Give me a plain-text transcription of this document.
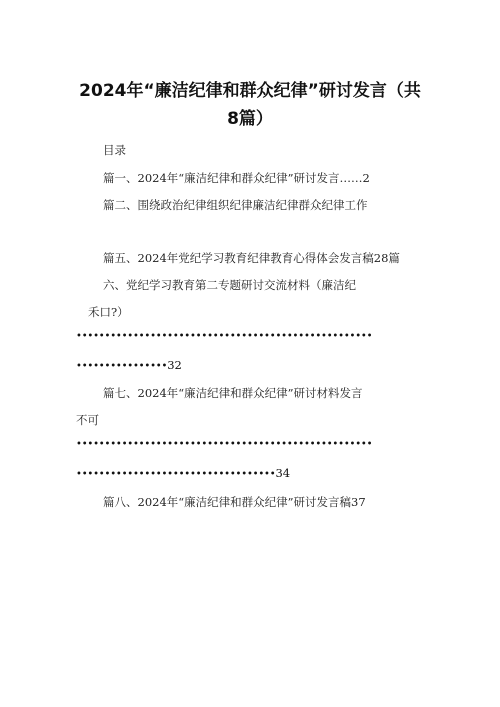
2024年“廉洁纪律和群众纪律”研讨发言（共
8篇）
目录
篇一、2024年“廉洁纪律和群众纪律”研讨发言……2
篇二、围绕政治纪律组织纪律廉洁纪律群众纪律工作
篇五、2024年党纪学习教育纪律教育心得体会发言稿28篇
六、党纪学习教育第二专题研讨交流材料（廉洁纪
禾口?）
••••••••••••••••••••••••••••••••••••••••••••••••••••
••••••••••••••••32
篇七、2024年“廉洁纪律和群众纪律”研讨材料发言
不可
••••••••••••••••••••••••••••••••••••••••••••••••••••
•••••••••••••••••••••••••••••••••••34
篇八、2024年“廉洁纪律和群众纪律”研讨发言稿37
